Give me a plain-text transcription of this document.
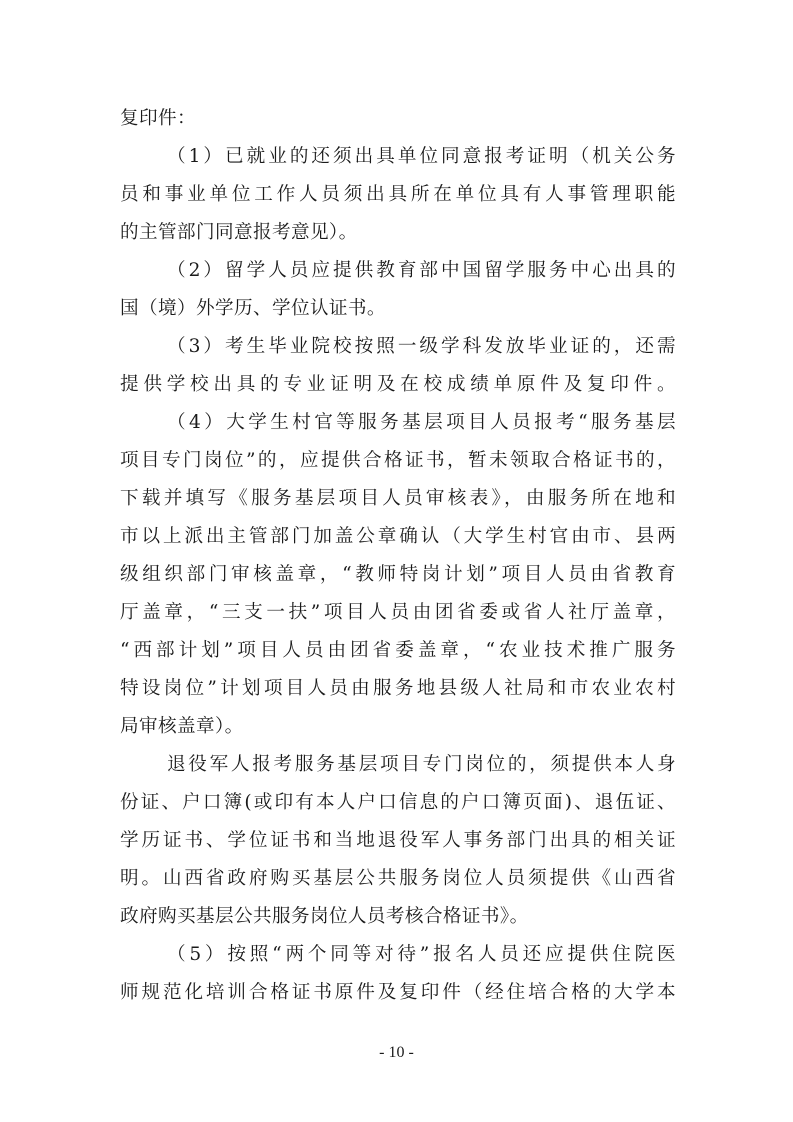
复印件：
（1）已就业的还须出具单位同意报考证明（机关公务
员和事业单位工作人员须出具所在单位具有人事管理职能
的主管部门同意报考意见）。
（2）留学人员应提供教育部中国留学服务中心出具的
国（境）外学历、学位认证书。
（3）考生毕业院校按照一级学科发放毕业证的，还需
提供学校出具的专业证明及在校成绩单原件及复印件。
（4）大学生村官等服务基层项目人员报考“服务基层
项目专门岗位”的，应提供合格证书，暂未领取合格证书的，
下载并填写《服务基层项目人员审核表》，由服务所在地和
市以上派出主管部门加盖公章确认（大学生村官由市、县两
级组织部门审核盖章，“教师特岗计划”项目人员由省教育
厅盖章，“三支一扶”项目人员由团省委或省人社厅盖章，
“西部计划”项目人员由团省委盖章，“农业技术推广服务
特设岗位”计划项目人员由服务地县级人社局和市农业农村
局审核盖章）。
退役军人报考服务基层项目专门岗位的，须提供本人身
份证、户口簿(或印有本人户口信息的户口簿页面)、退伍证、
学历证书、学位证书和当地退役军人事务部门出具的相关证
明。山西省政府购买基层公共服务岗位人员须提供《山西省
政府购买基层公共服务岗位人员考核合格证书》。
（5）按照“两个同等对待”报名人员还应提供住院医
师规范化培训合格证书原件及复印件（经住培合格的大学本
- 10 -
